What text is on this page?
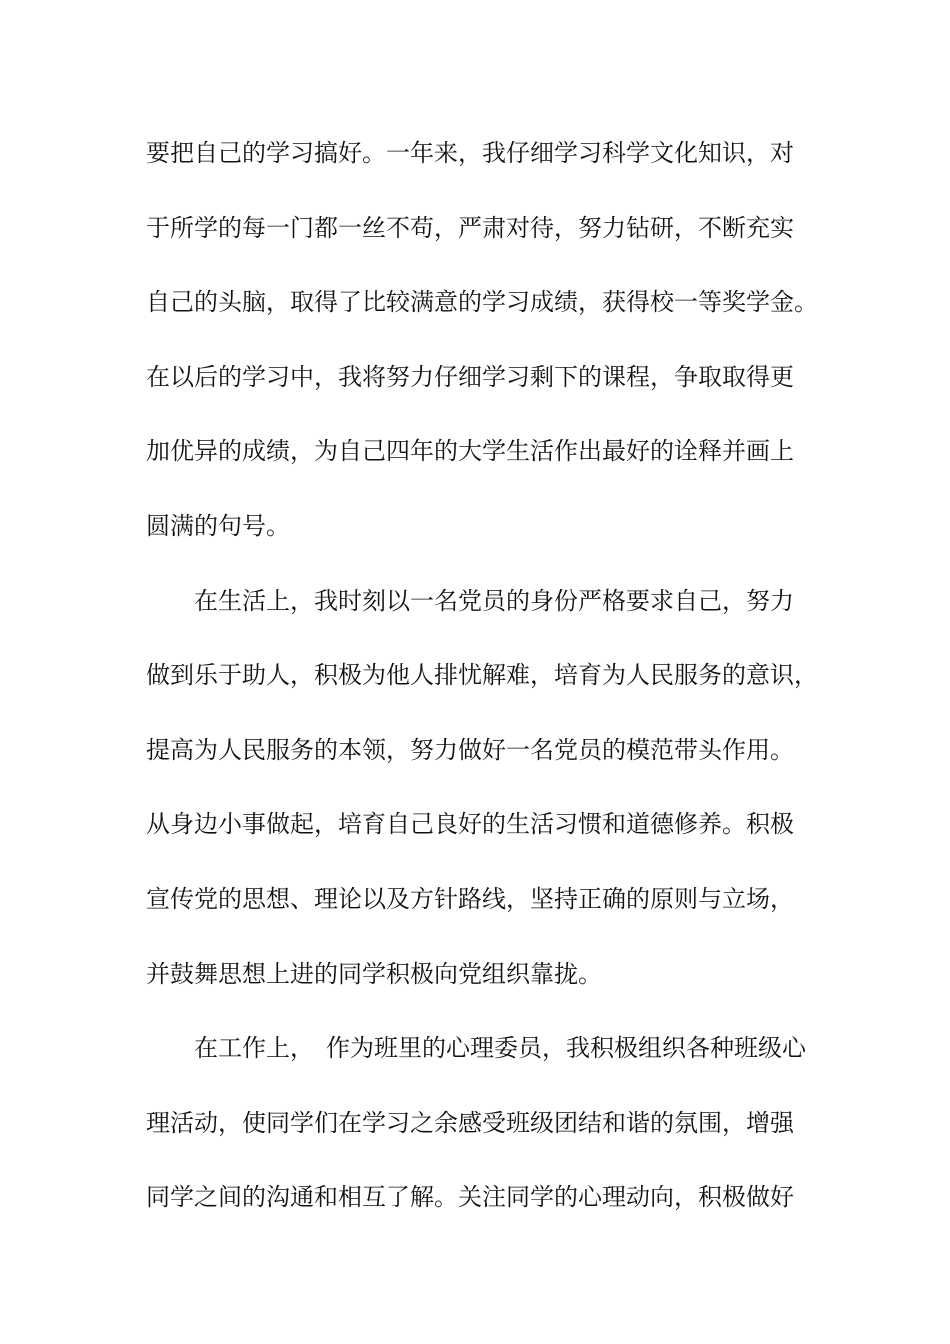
要把自己的学习搞好。一年来，我仔细学习科学文化知识，对
于所学的每一门都一丝不苟，严肃对待，努力钻研，不断充实
自己的头脑，取得了比较满意的学习成绩，获得校一等奖学金。
在以后的学习中，我将努力仔细学习剩下的课程，争取取得更
加优异的成绩，为自己四年的大学生活作出最好的诠释并画上
圆满的句号。
　　在生活上，我时刻以一名党员的身份严格要求自己，努力
做到乐于助人，积极为他人排忧解难，培育为人民服务的意识，
提高为人民服务的本领，努力做好一名党员的模范带头作用。
从身边小事做起，培育自己良好的生活习惯和道德修养。积极
宣传党的思想、理论以及方针路线，坚持正确的原则与立场，
并鼓舞思想上进的同学积极向党组织靠拢。
　　在工作上，　作为班里的心理委员，我积极组织各种班级心
理活动，使同学们在学习之余感受班级团结和谐的氛围，增强
同学之间的沟通和相互了解。关注同学的心理动向，积极做好
